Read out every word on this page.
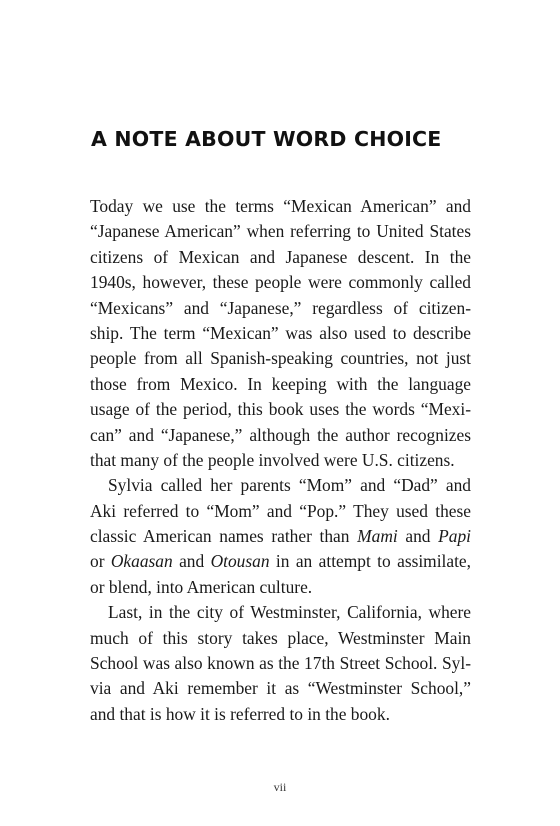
A NOTE ABOUT WORD CHOICE
Today we use the terms “Mexican American” and
“Japanese American” when referring to United States
citizens of Mexican and Japanese descent. In the
1940s, however, these people were commonly called
“Mexicans” and “Japanese,” regardless of citizen-
ship. The term “Mexican” was also used to describe
people from all Spanish-speaking countries, not just
those from Mexico. In keeping with the language
usage of the period, this book uses the words “Mexi-
can” and “Japanese,” although the author recognizes
that many of the people involved were U.S. citizens.
Sylvia called her parents “Mom” and “Dad” and
Aki referred to “Mom” and “Pop.” They used these
classic American names rather than Mami and Papi
or Okaasan and Otousan in an attempt to assimilate,
or blend, into American culture.
Last, in the city of Westminster, California, where
much of this story takes place, Westminster Main
School was also known as the 17th Street School. Syl-
via and Aki remember it as “Westminster School,”
and that is how it is referred to in the book.
vii
